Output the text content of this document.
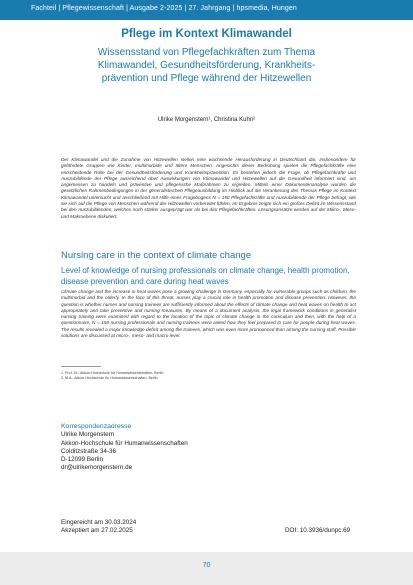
Fachteil | Pflegewissenschaft | Ausgabe 2-2025 | 27. Jahrgang | hpsmedia, Hungen
Pflege im Kontext Klimawandel
Wissensstand von Pflegefachkräften zum Thema
Klimawandel, Gesundheitsförderung, Krankheits-
prävention und Pflege während der Hitzewellen
Ulrike Morgenstern¹, Christina Kuhn²
Der Klimawandel und die Zunahme von Hitzewellen stellen eine wachsende Herausforderung in Deutschland dar, insbesondere für gefährdete Gruppen wie Kinder, multimorbide und ältere Menschen. Angesichts dieser Bedrohung spielen die Pflegefachkräfte eine entscheidende Rolle bei der Gesundheitsförderung und Krankheitsprävention. Es bestehen jedoch die Frage, ob Pflegefachkräfte und Auszubildende der Pflege ausreichend über Auswirkungen von Klimawandel und Hitzewellen auf die Gesundheit informiert sind, um angemessen zu handeln und präventive und pflegerische Maßnahmen zu ergreifen. Mittels einer Dokumentenanalyse wurden die gesetzlichen Rahmenbedingungen in der generalistischen Pflegeausbildung im Hinblick auf die Verankerung des Themas Pflege im Kontext Klimawandel untersucht und anschließend mit Hilfe eines Fragebogens N = 150 Pflegefachkräfte und Auszubildende der Pflege befragt, wie sie sich auf die Pflege von Menschen während der Hitzewellen vorbereitet fühlen. Im Ergebnis zeigte sich ein großes Defizit im Wissensstand bei den Auszubildenden, welches noch stärker ausgeprägt war als bei den Pflegefachkräften. Lösungsansätze werden auf der Mikro-, Meso- und Makroebene diskutiert.
Nursing care in the context of climate change
Level of knowledge of nursing professionals on climate change, health promotion, disease prevention and care during heat waves
Climate change and the increase in heat waves pose a growing challenge in Germany, especially for vulnerable groups such as children, the multimorbid and the elderly. In the face of this threat, nurses play a crucial role in health promotion and disease prevention. However, the question is whether nurses and nursing trainees are sufficiently informed about the effects of climate change and heat waves on health to act appropriately and take preventive and nursing measures. By means of a document analysis, the legal framework conditions in generalist nursing training were examined with regard to the location of the topic of climate change in the curriculum and then, with the help of a questionnaire, N = 150 nursing professionals and nursing trainees were asked how they feel prepared to care for people during heat waves. The results revealed a major knowledge deficit among the trainees, which was even more pronounced than among the nursing staff. Possible solutions are discussed at micro-, meso- and macro level.
1. Prof. Dr.; Akkon-Hochschule für Humanwissenschaften, Berlin
2. M.A.; Akkon-Hochschule für Humanwissenschaften, Berlin
Korrespondenzadresse
Ulrike Morgenstern
Akkon-Hochschule für Humanwissenschaften
Colditzstraße 34-36
D-12099 Berlin
dr@ulrikemorgenstern.de
Eingereicht am 30.03.2024
Akzeptiert am 27.02.2025	DOI: 10.3936/dunpc.69
70
